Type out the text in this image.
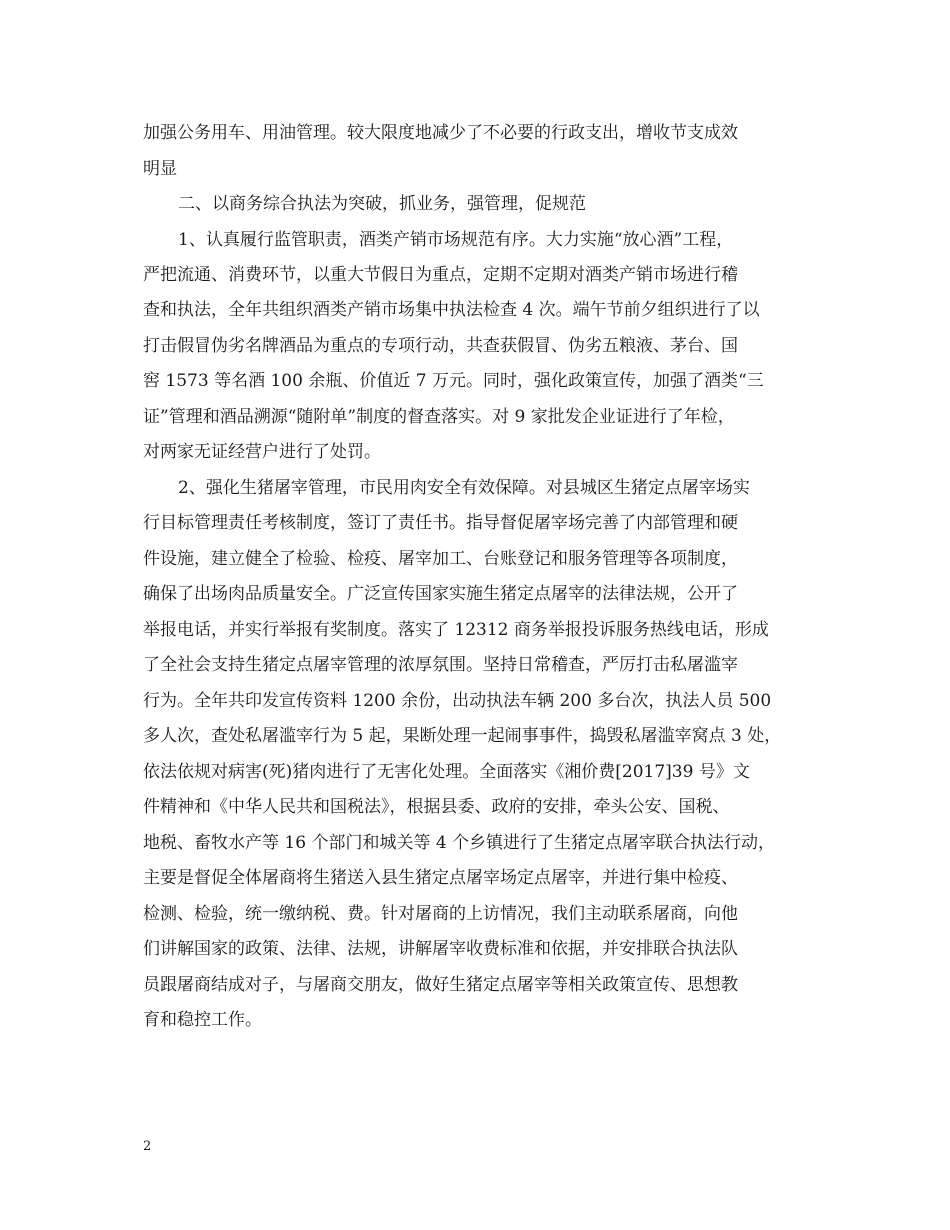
加强公务用车、用油管理。较大限度地减少了不必要的行政支出，增收节支成效
明显
二、以商务综合执法为突破，抓业务，强管理，促规范
1、认真履行监管职责，酒类产销市场规范有序。大力实施“放心酒”工程，
严把流通、消费环节，以重大节假日为重点，定期不定期对酒类产销市场进行稽
查和执法，全年共组织酒类产销市场集中执法检查 4 次。端午节前夕组织进行了以
打击假冒伪劣名牌酒品为重点的专项行动，共查获假冒、伪劣五粮液、茅台、国
窖 1573 等名酒 100 余瓶、价值近 7 万元。同时，强化政策宣传，加强了酒类“三
证”管理和酒品溯源“随附单”制度的督查落实。对 9 家批发企业证进行了年检，
对两家无证经营户进行了处罚。
2、强化生猪屠宰管理，市民用肉安全有效保障。对县城区生猪定点屠宰场实
行目标管理责任考核制度，签订了责任书。指导督促屠宰场完善了内部管理和硬
件设施，建立健全了检验、检疫、屠宰加工、台账登记和服务管理等各项制度，
确保了出场肉品质量安全。广泛宣传国家实施生猪定点屠宰的法律法规，公开了
举报电话，并实行举报有奖制度。落实了 12312 商务举报投诉服务热线电话，形成
了全社会支持生猪定点屠宰管理的浓厚氛围。坚持日常稽查，严厉打击私屠滥宰
行为。全年共印发宣传资料 1200 余份，出动执法车辆 200 多台次，执法人员 500
多人次，查处私屠滥宰行为 5 起，果断处理一起闹事事件，捣毁私屠滥宰窝点 3 处，
依法依规对病害(死)猪肉进行了无害化处理。全面落实《湘价费[2017]39 号》文
件精神和《中华人民共和国税法》，根据县委、政府的安排，牵头公安、国税、
地税、畜牧水产等 16 个部门和城关等 4 个乡镇进行了生猪定点屠宰联合执法行动，
主要是督促全体屠商将生猪送入县生猪定点屠宰场定点屠宰，并进行集中检疫、
检测、检验，统一缴纳税、费。针对屠商的上访情况，我们主动联系屠商，向他
们讲解国家的政策、法律、法规，讲解屠宰收费标准和依据，并安排联合执法队
员跟屠商结成对子，与屠商交朋友，做好生猪定点屠宰等相关政策宣传、思想教
育和稳控工作。
2
